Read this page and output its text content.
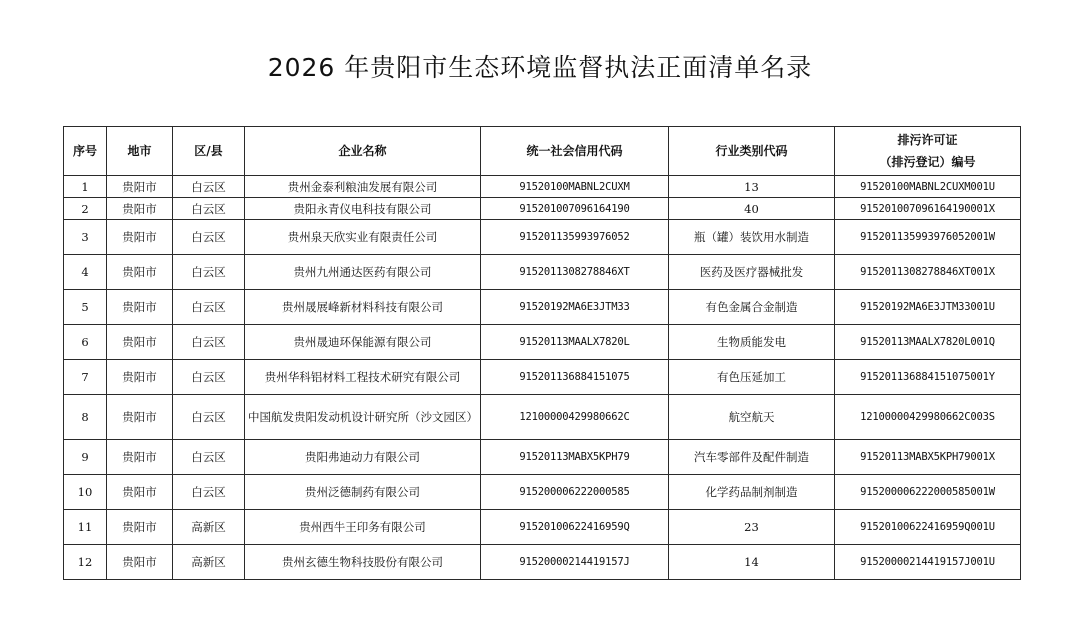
2026 年贵阳市生态环境监督执法正面清单名录
序号	地市	区/县	企业名称	统一社会信用代码	行业类别代码	排污许可证
（排污登记）编号

1	贵阳市	白云区	贵州金泰利粮油发展有限公司	91520100MABNL2CUXM	13	91520100MABNL2CUXM001U
2	贵阳市	白云区	贵阳永青仪电科技有限公司	915201007096164190	40	915201007096164190001X
3	贵阳市	白云区	贵州泉天欣实业有限责任公司	915201135993976052	瓶（罐）装饮用水制造	915201135993976052001W
4	贵阳市	白云区	贵州九州通达医药有限公司	9152011308278846XT	医药及医疗器械批发	9152011308278846XT001X
5	贵阳市	白云区	贵州晟展峰新材料科技有限公司	91520192MA6E3JTM33	有色金属合金制造	91520192MA6E3JTM33001U
6	贵阳市	白云区	贵州晟迪环保能源有限公司	91520113MAALX7820L	生物质能发电	91520113MAALX7820L001Q
7	贵阳市	白云区	贵州华科铝材料工程技术研究有限公司	915201136884151075	有色压延加工	915201136884151075001Y
8	贵阳市	白云区	中国航发贵阳发动机设计研究所（沙文园区）	12100000429980662C	航空航天	12100000429980662C003S
9	贵阳市	白云区	贵阳弗迪动力有限公司	91520113MABX5KPH79	汽车零部件及配件制造	91520113MABX5KPH79001X
10	贵阳市	白云区	贵州泛德制药有限公司	915200006222000585	化学药品制剂制造	915200006222000585001W
11	贵阳市	高新区	贵州西牛王印务有限公司	91520100622416959Q	23	91520100622416959Q001U
12	贵阳市	高新区	贵州玄德生物科技股份有限公司	91520000214419157J	14	91520000214419157J001U
